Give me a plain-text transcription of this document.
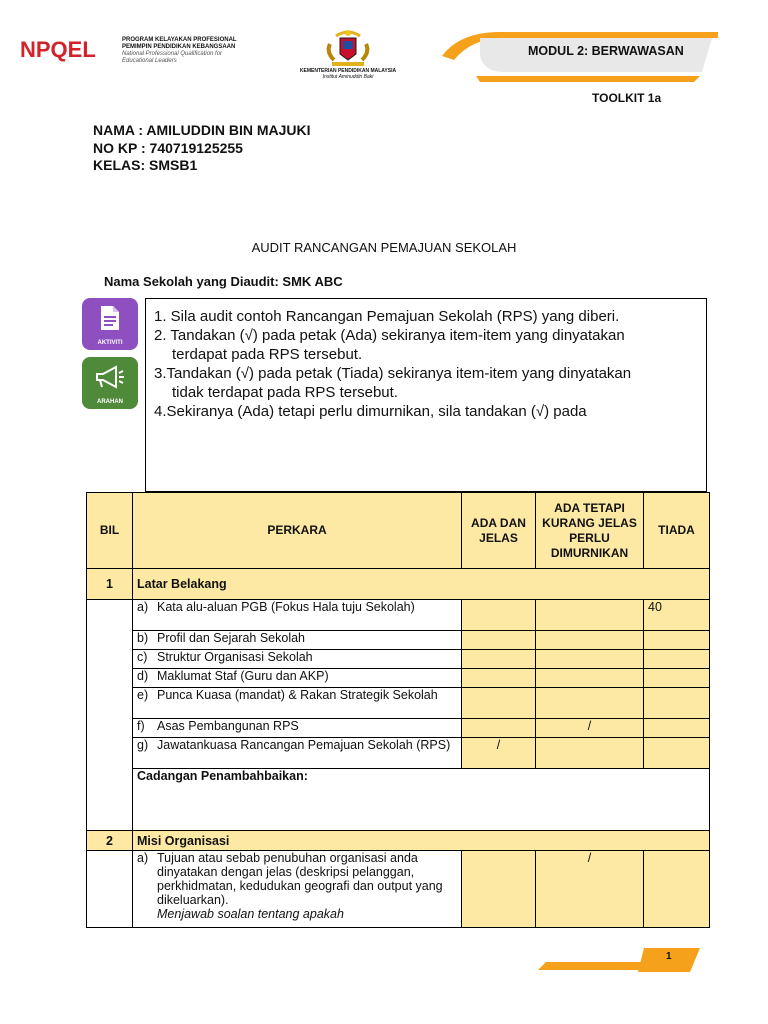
NPQEL	PROGRAM KELAYAKAN PROFESIONAL
PEMIMPIN PENDIDIKAN KEBANGSAAN
National Professional Qualification for Educational Leaders
KEMENTERIAN PENDIDIKAN MALAYSIA
Institut Aminuddin Baki
MODUL 2: BERWAWASAN
TOOLKIT 1a
NAMA : AMILUDDIN BIN MAJUKI
NO KP : 740719125255
KELAS: SMSB1
AUDIT RANCANGAN PEMAJUAN SEKOLAH
Nama Sekolah yang Diaudit: SMK ABC
AKTIVITI
ARAHAN

1. Sila audit contoh Rancangan Pemajuan Sekolah (RPS) yang diberi.

2. Tandakan (√) pada petak (Ada) sekiranya item-item yang dinyatakan

terdapat pada RPS tersebut.

3.Tandakan (√) pada petak (Tiada) sekiranya item-item yang dinyatakan

tidak terdapat pada RPS tersebut.

4.Sekiranya (Ada) tetapi perlu dimurnikan, sila tandakan (√) pada

BIL	PERKARA	ADA DAN JELAS	ADA TETAPI KURANG JELAS PERLU DIMURNIKAN	TIADA
1	Latar Belakang			

	a) Kata alu-aluan PGB (Fokus Hala tuju Sekolah)			40

	b) Profil dan Sejarah Sekolah			

	c) Struktur Organisasi Sekolah			

	d) Maklumat Staf (Guru dan AKP)			

	e) Punca Kuasa (mandat) & Rakan Strategik Sekolah			

	f) Asas Pembangunan RPS		/	

	g) Jawatankuasa Rancangan Pemajuan Sekolah (RPS)	/		
	Cadangan Penambahbaikan:			
2	Misi Organisasi			

	a) Tujuan atau sebab penubuhan organisasi anda dinyatakan dengan jelas (deskripsi pelanggan, perkhidmatan, kedudukan geografi dan output yang dikeluarkan).
Menjawab soalan tentang apakah		/	
1
